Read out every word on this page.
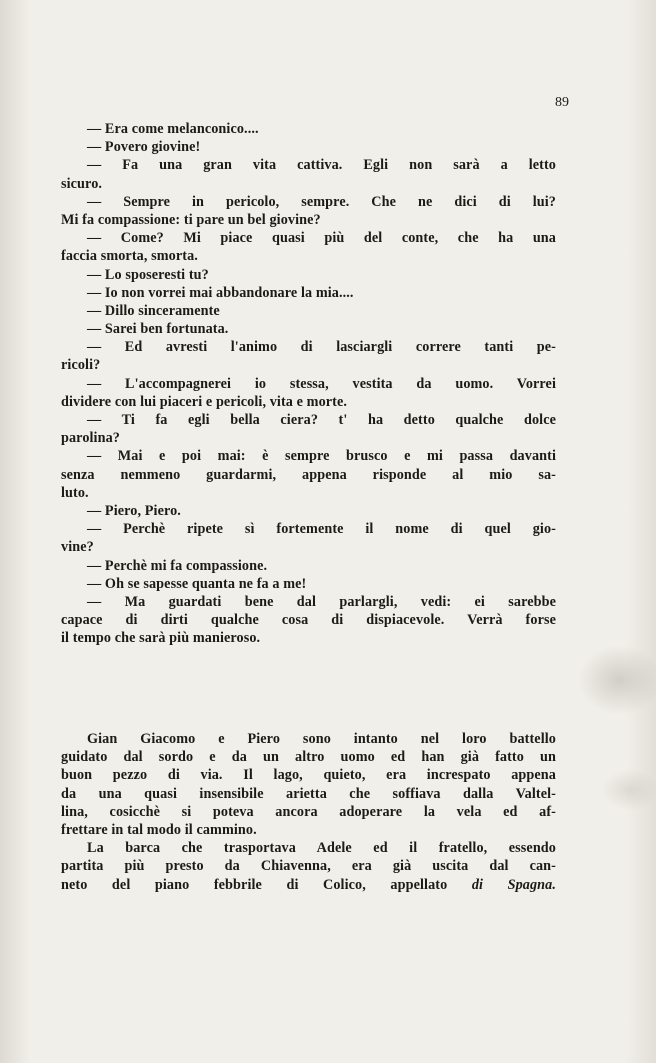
89
— Era come melanconico....
— Povero giovine!
— Fa una gran vita cattiva. Egli non sarà a letto
sicuro.
— Sempre in pericolo, sempre. Che ne dici di lui?
Mi fa compassione: ti pare un bel giovine?
— Come? Mi piace quasi più del conte, che ha una
faccia smorta, smorta.
— Lo sposeresti tu?
— Io non vorrei mai abbandonare la mia....
— Dillo sinceramente
— Sarei ben fortunata.
— Ed avresti l'animo di lasciargli correre tanti pe-
ricoli?
— L'accompagnerei io stessa, vestita da uomo. Vorrei
dividere con lui piaceri e pericoli, vita e morte.
— Ti fa egli bella ciera? t' ha detto qualche dolce
parolina?
— Mai e poi mai: è sempre brusco e mi passa davanti
senza nemmeno guardarmi, appena risponde al mio sa-
luto.
— Piero, Piero.
— Perchè ripete sì fortemente il nome di quel gio-
vine?
— Perchè mi fa compassione.
— Oh se sapesse quanta ne fa a me!
— Ma guardati bene dal parlargli, vedi: ei sarebbe
capace di dirti qualche cosa di dispiacevole. Verrà forse
il tempo che sarà più manieroso.
Gian Giacomo e Piero sono intanto nel loro battello
guidato dal sordo e da un altro uomo ed han già fatto un
buon pezzo di via. Il lago, quieto, era increspato appena
da una quasi insensibile arietta che soffiava dalla Valtel-
lina, cosicchè si poteva ancora adoperare la vela ed af-
frettare in tal modo il cammino.
La barca che trasportava Adele ed il fratello, essendo
partita più presto da Chiavenna, era già uscita dal can-
neto del piano febbrile di Colico, appellato di Spagna.
